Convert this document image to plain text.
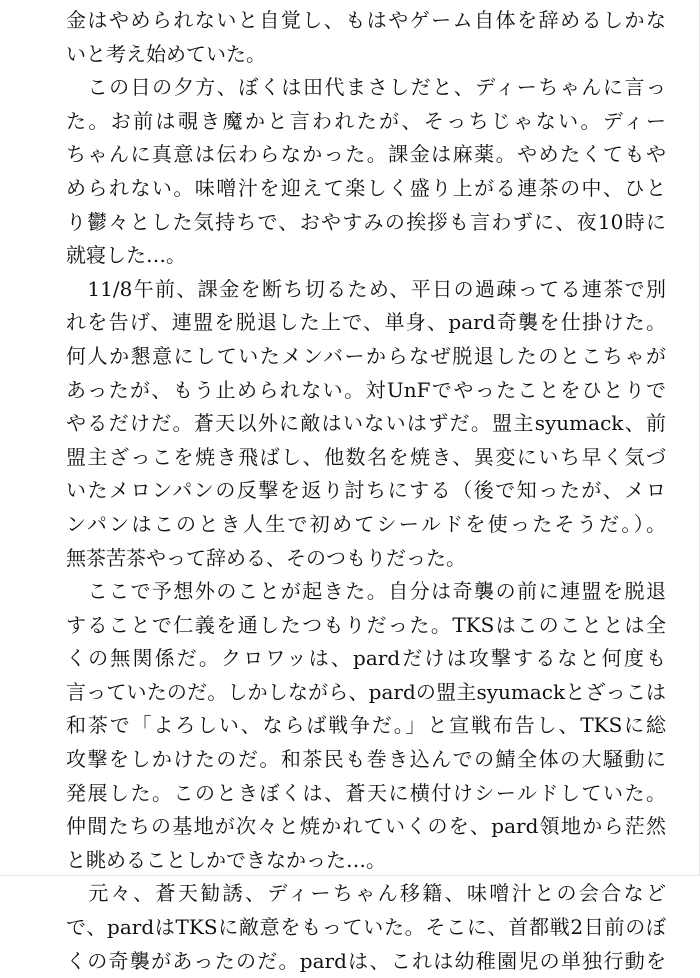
金はやめられないと自覚し、もはやゲーム自体を辞めるしかな
いと考え始めていた。
　この日の夕方、ぼくは田代まさしだと、ディーちゃんに言っ
た。お前は覗き魔かと言われたが、そっちじゃない。ディー
ちゃんに真意は伝わらなかった。課金は麻薬。やめたくてもや
められない。味噌汁を迎えて楽しく盛り上がる連茶の中、ひと
り鬱々とした気持ちで、おやすみの挨拶も言わずに、夜10時に
就寝した…。
　11/8午前、課金を断ち切るため、平日の過疎ってる連茶で別
れを告げ、連盟を脱退した上で、単身、pard奇襲を仕掛けた。
何人か懇意にしていたメンバーからなぜ脱退したのとこちゃが
あったが、もう止められない。対UnFでやったことをひとりで
やるだけだ。蒼天以外に敵はいないはずだ。盟主syumack、前
盟主ざっこを焼き飛ばし、他数名を焼き、異変にいち早く気づ
いたメロンパンの反撃を返り討ちにする（後で知ったが、メロ
ンパンはこのとき人生で初めてシールドを使ったそうだ。）。
無茶苦茶やって辞める、そのつもりだった。
　ここで予想外のことが起きた。自分は奇襲の前に連盟を脱退
することで仁義を通したつもりだった。TKSはこのこととは全
くの無関係だ。クロワッは、pardだけは攻撃するなと何度も
言っていたのだ。しかしながら、pardの盟主syumackとざっこは
和茶で「よろしい、ならば戦争だ。」と宣戦布告し、TKSに総
攻撃をしかけたのだ。和茶民も巻き込んでの鯖全体の大騒動に
発展した。このときぼくは、蒼天に横付けシールドしていた。
仲間たちの基地が次々と焼かれていくのを、pard領地から茫然
と眺めることしかできなかった…。
　元々、蒼天勧誘、ディーちゃん移籍、味噌汁との会合など
で、pardはTKSに敵意をもっていた。そこに、首都戦2日前のぼ
くの奇襲があったのだ。pardは、これは幼稚園児の単独行動を
